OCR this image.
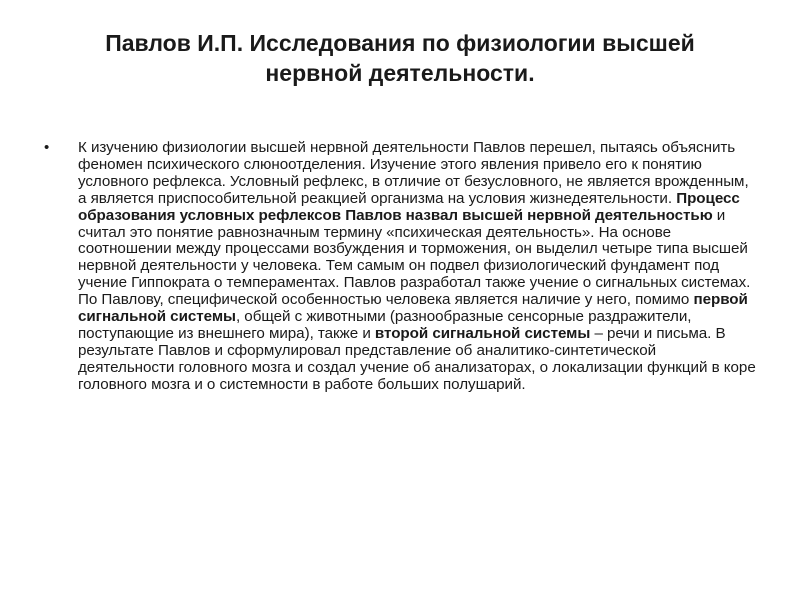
Павлов И.П. Исследования по физиологии высшей
нервной деятельности.
•	К изучению физиологии высшей нервной деятельности Павлов перешел, пытаясь объяснить феномен психического слюноотделения. Изучение этого явления привело его к понятию условного рефлекса. Условный рефлекс, в отличие от безусловного, не является врожденным, а является приспособительной реакцией организма на условия жизнедеятельности. Процесс образования условных рефлексов Павлов назвал высшей нервной деятельностью и считал это понятие равнозначным термину «психическая деятельность». На основе соотношении между процессами возбуждения и торможения, он выделил четыре типа высшей нервной деятельности у человека. Тем самым он подвел физиологический фундамент под учение Гиппократа о темпераментах. Павлов разработал также учение о сигнальных системах. По Павлову, специфической особенностью человека является наличие у него, помимо первой сигнальной системы, общей с животными (разнообразные сенсорные раздражители, поступающие из внешнего мира), также и второй сигнальной системы – речи и письма. В результате Павлов и сформулировал представление об аналитико-синтетической деятельности головного мозга и создал учение об анализаторах, о локализации функций в коре головного мозга и о системности в работе больших полушарий.
